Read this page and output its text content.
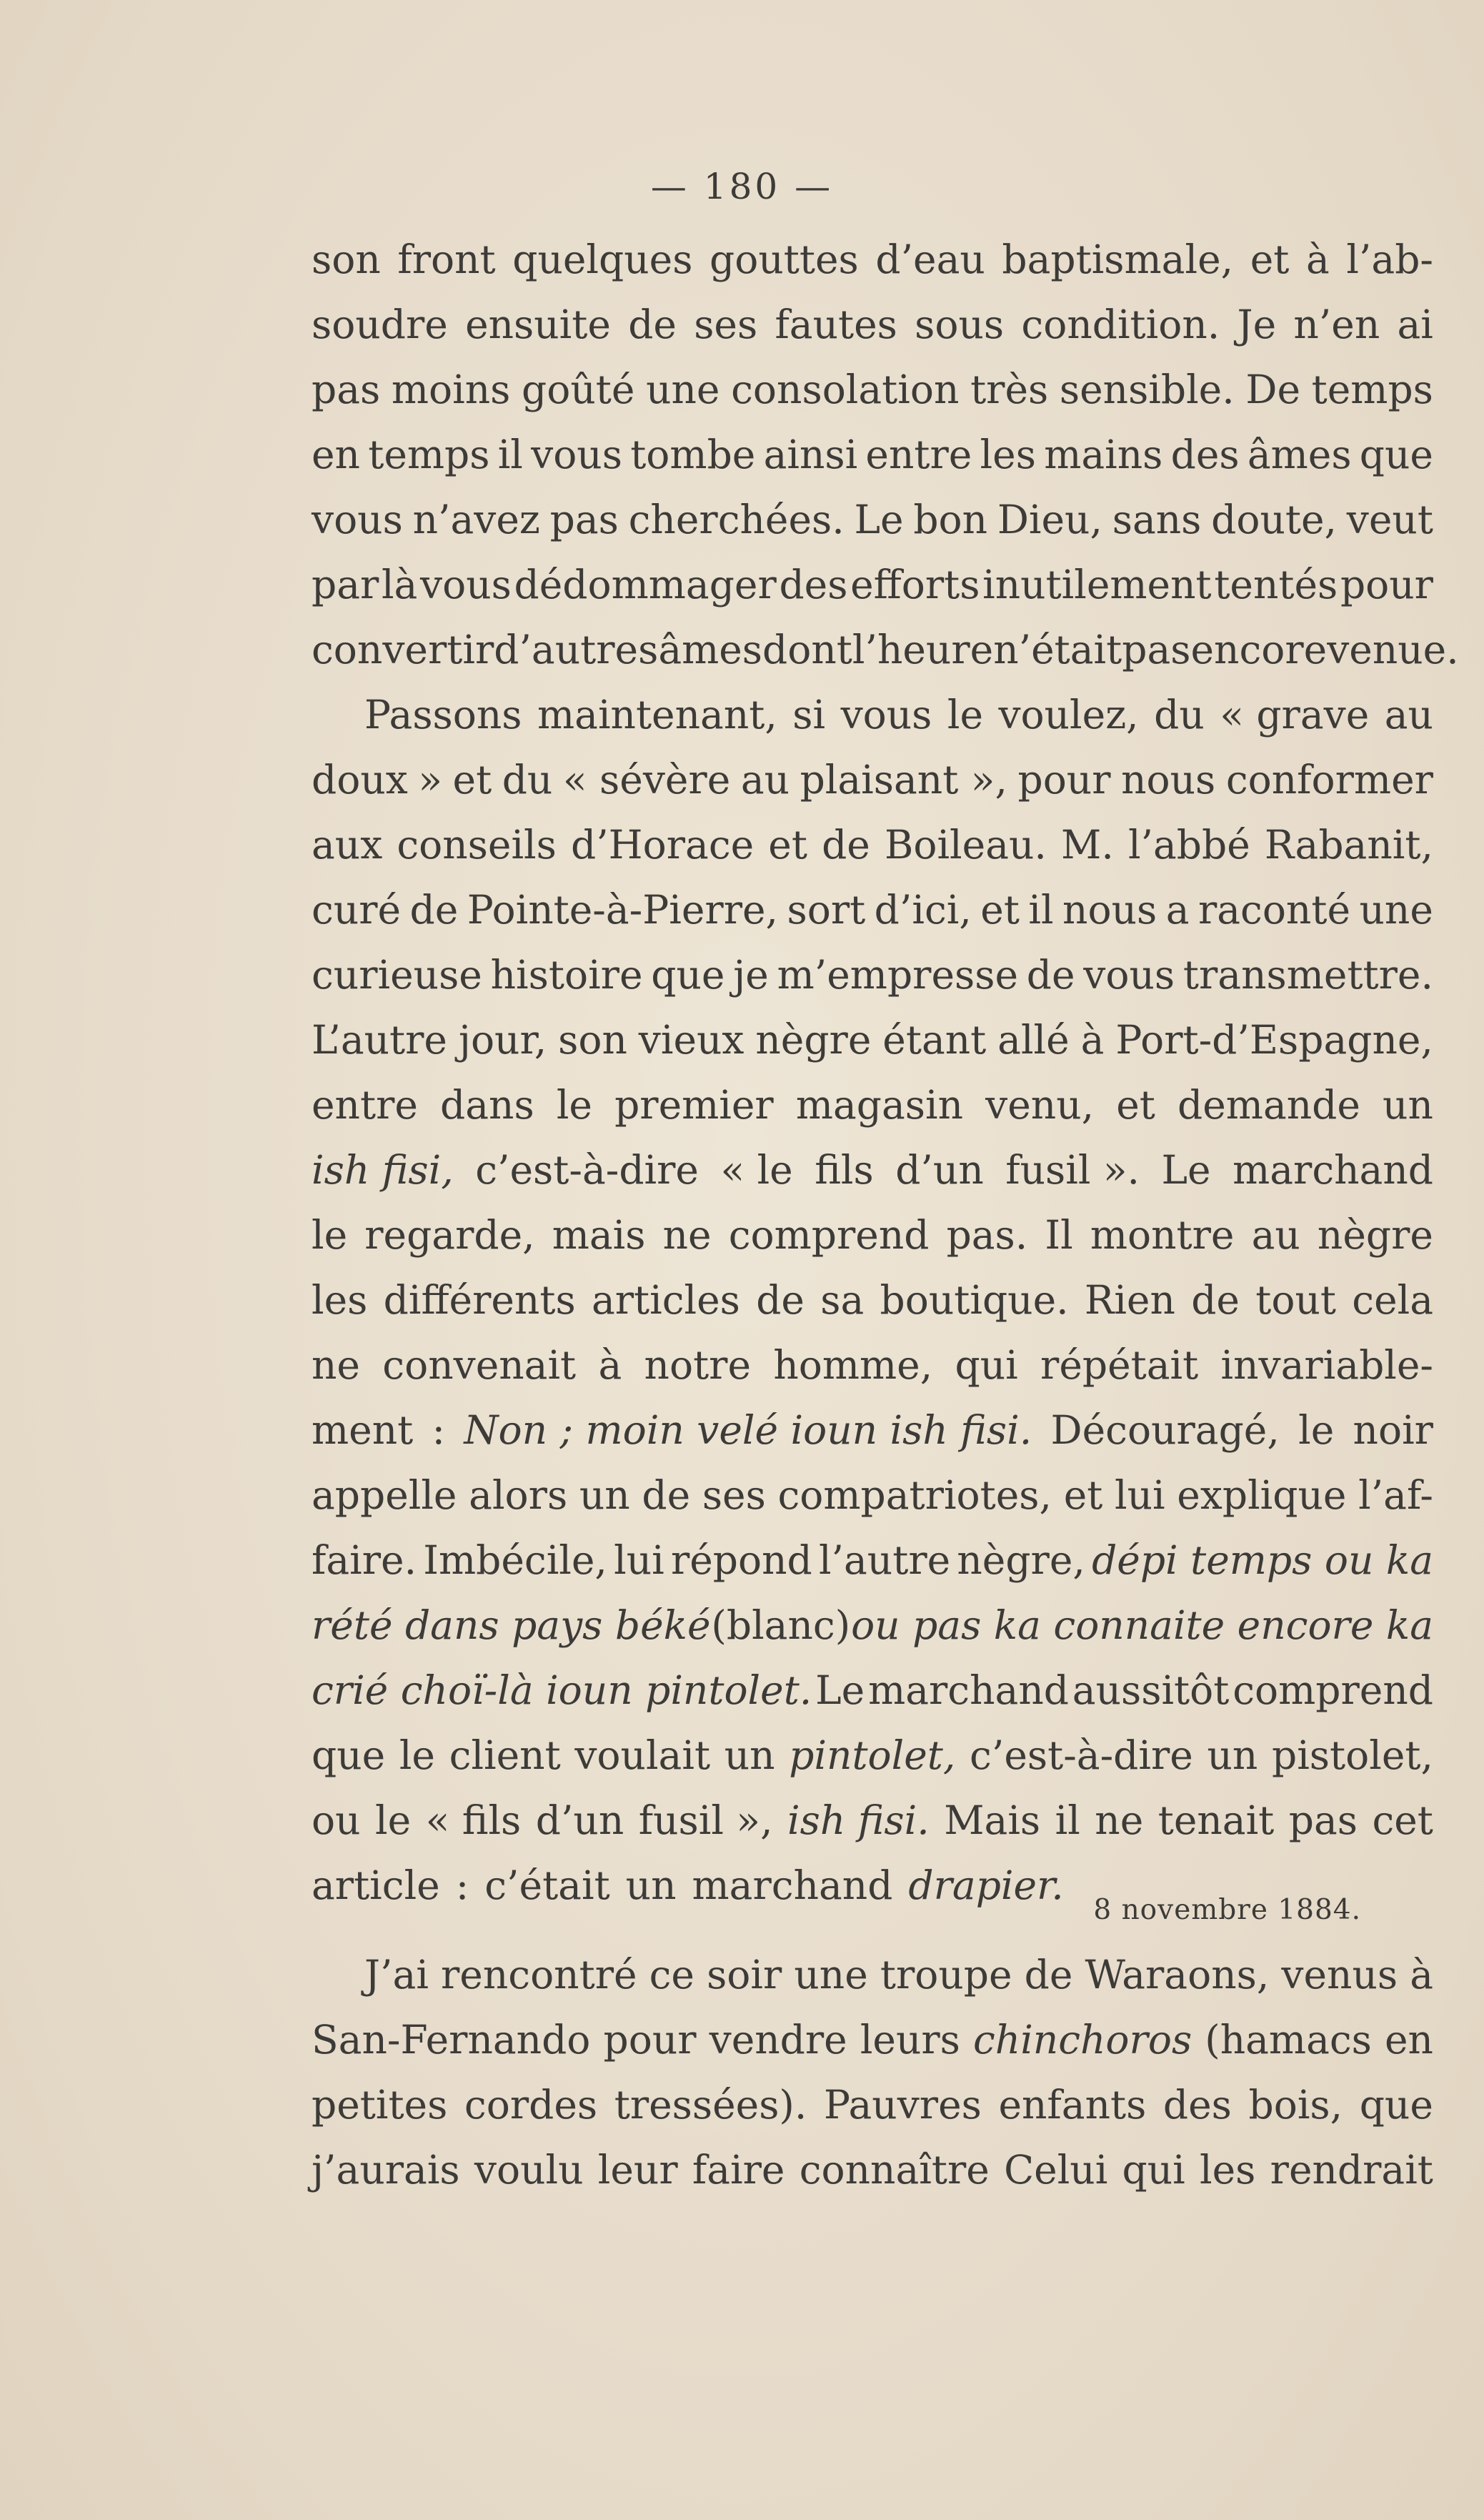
— 180 —
son front quelques gouttes d’eau baptismale, et à l’ab-
soudre ensuite de ses fautes sous condition. Je n’en ai
pas moins goûté une consolation très sensible. De temps
en temps il vous tombe ainsi entre les mains des âmes que
vous n’avez pas cherchées. Le bon Dieu, sans doute, veut
par là vous dédommager des efforts inutilement tentés pour
convertir d’autres âmes dont l’heure n’était pas encore venue.
Passons maintenant, si vous le voulez, du « grave au
doux » et du « sévère au plaisant », pour nous conformer
aux conseils d’Horace et de Boileau. M. l’abbé Rabanit,
curé de Pointe-à-Pierre, sort d’ici, et il nous a raconté une
curieuse histoire que je m’empresse de vous transmettre.
L’autre jour, son vieux nègre étant allé à Port-d’Espagne,
entre dans le premier magasin venu, et demande un
ish fisi, c’est-à-dire « le fils d’un fusil ». Le marchand
le regarde, mais ne comprend pas. Il montre au nègre
les différents articles de sa boutique. Rien de tout cela
ne convenait à notre homme, qui répétait invariable-
ment : Non ; moin velé ioun ish fisi. Découragé, le noir
appelle alors un de ses compatriotes, et lui explique l’af-
faire. Imbécile, lui répond l’autre nègre, dépi temps ou ka
rété dans pays béké (blanc) ou pas ka connaite encore ka
crié choï-là ioun pintolet. Le marchand aussitôt comprend
que le client voulait un pintolet, c’est-à-dire un pistolet,
ou le « fils d’un fusil », ish fisi. Mais il ne tenait pas cet
article : c’était un marchand drapier.
8 novembre 1884.
J’ai rencontré ce soir une troupe de Waraons, venus à
San-Fernando pour vendre leurs chinchoros (hamacs en
petites cordes tressées). Pauvres enfants des bois, que
j’aurais voulu leur faire connaître Celui qui les rendrait
